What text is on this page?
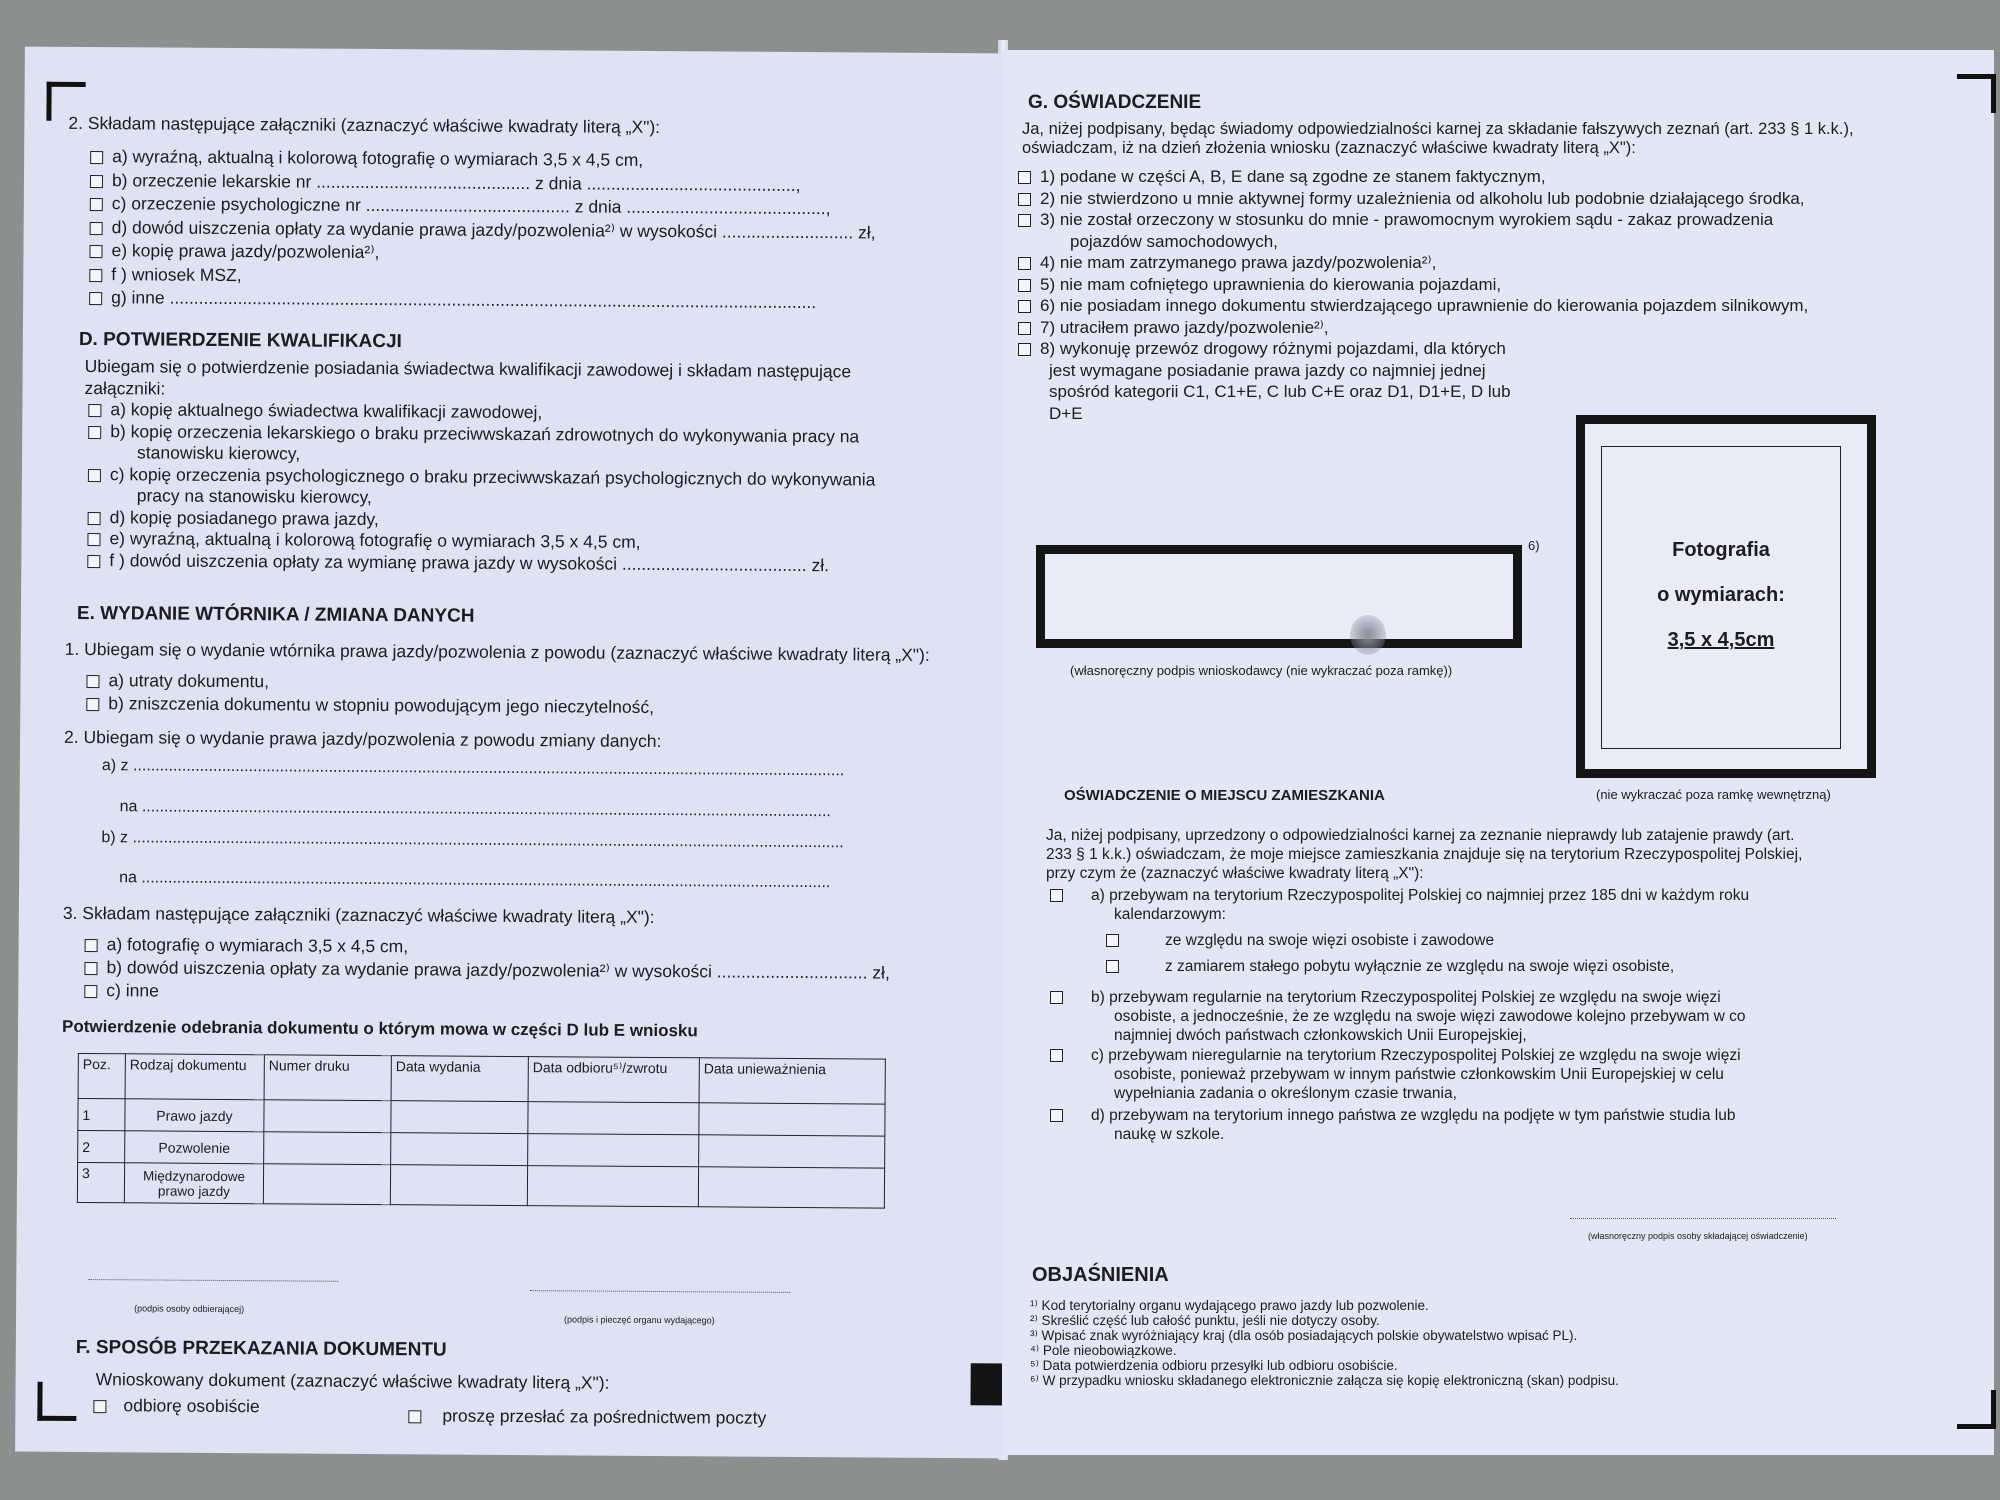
2. Składam następujące załączniki (zaznaczyć właściwe kwadraty literą „X"):
a) wyraźną, aktualną i kolorową fotografię o wymiarach 3,5 x 4,5 cm,
b) orzeczenie lekarskie nr ............................................ z dnia ...........................................,
c) orzeczenie psychologiczne nr .......................................... z dnia .........................................,
d) dowód uiszczenia opłaty za wydanie prawa jazdy/pozwolenia²⁾ w wysokości ........................... zł,
e) kopię prawa jazdy/pozwolenia²⁾,
f ) wniosek MSZ,
g) inne .....................................................................................................................................
D. POTWIERDZENIE KWALIFIKACJI
Ubiegam się o potwierdzenie posiadania świadectwa kwalifikacji zawodowej i składam następujące
załączniki:
a) kopię aktualnego świadectwa kwalifikacji zawodowej,
b) kopię orzeczenia lekarskiego o braku przeciwwskazań zdrowotnych do wykonywania pracy na
stanowisku kierowcy,
c) kopię orzeczenia psychologicznego o braku przeciwwskazań psychologicznych do wykonywania
pracy na stanowisku kierowcy,
d) kopię posiadanego prawa jazdy,
e) wyraźną, aktualną i kolorową fotografię o wymiarach 3,5 x 4,5 cm,
f ) dowód uiszczenia opłaty za wymianę prawa jazdy w wysokości ...................................... zł.
E. WYDANIE WTÓRNIKA / ZMIANA DANYCH
1. Ubiegam się o wydanie wtórnika prawa jazdy/pozwolenia z powodu (zaznaczyć właściwe kwadraty literą „X"):
a) utraty dokumentu,
b) zniszczenia dokumentu w stopniu powodującym jego nieczytelność,
2. Ubiegam się o wydanie prawa jazdy/pozwolenia z powodu zmiany danych:
a) z ................................................................................................................................................................
na ...........................................................................................................................................................
b) z ................................................................................................................................................................
na ...........................................................................................................................................................
3. Składam następujące załączniki (zaznaczyć właściwe kwadraty literą „X"):
a) fotografię o wymiarach 3,5 x 4,5 cm,
b) dowód uiszczenia opłaty za wydanie prawa jazdy/pozwolenia²⁾ w wysokości ............................... zł,
c) inne
Potwierdzenie odebrania dokumentu o którym mowa w części D lub E wniosku
Poz.	Rodzaj dokumentu	Numer druku	Data wydania	Data odbioru⁵⁾/zwrotu	Data unieważnienia
1	Prawo jazdy				
2	Pozwolenie				
3	Międzynarodowe prawo jazdy				
(podpis osoby odbierającej)
(podpis i pieczęć organu wydającego)
F. SPOSÓB PRZEKAZANIA DOKUMENTU
Wnioskowany dokument (zaznaczyć właściwe kwadraty literą „X"):
odbiorę osobiście	proszę przesłać za pośrednictwem poczty
G. OŚWIADCZENIE
Ja, niżej podpisany, będąc świadomy odpowiedzialności karnej za składanie fałszywych zeznań (art. 233 § 1 k.k.),
oświadczam, iż na dzień złożenia wniosku (zaznaczyć właściwe kwadraty literą „X"):
1) podane w części A, B, E dane są zgodne ze stanem faktycznym,
2) nie stwierdzono u mnie aktywnej formy uzależnienia od alkoholu lub podobnie działającego środka,
3) nie został orzeczony w stosunku do mnie - prawomocnym wyrokiem sądu - zakaz prowadzenia
pojazdów samochodowych,
4) nie mam zatrzymanego prawa jazdy/pozwolenia²⁾,
5) nie mam cofniętego uprawnienia do kierowania pojazdami,
6) nie posiadam innego dokumentu stwierdzającego uprawnienie do kierowania pojazdem silnikowym,
7) utraciłem prawo jazdy/pozwolenie²⁾,
8) wykonuję przewóz drogowy różnymi pojazdami, dla których
jest wymagane posiadanie prawa jazdy co najmniej jednej
spośród kategorii C1, C1+E, C lub C+E oraz D1, D1+E, D lub
D+E
6)
(własnoręczny podpis wnioskodawcy (nie wykraczać poza ramkę))
Fotografia
o wymiarach:
3,5 x 4,5cm
(nie wykraczać poza ramkę wewnętrzną)
OŚWIADCZENIE O MIEJSCU ZAMIESZKANIA
Ja, niżej podpisany, uprzedzony o odpowiedzialności karnej za zeznanie nieprawdy lub zatajenie prawdy (art.
233 § 1 k.k.) oświadczam, że moje miejsce zamieszkania znajduje się na terytorium Rzeczypospolitej Polskiej,
przy czym że (zaznaczyć właściwe kwadraty literą „X"):
a) przebywam na terytorium Rzeczypospolitej Polskiej co najmniej przez 185 dni w każdym roku
kalendarzowym:
ze względu na swoje więzi osobiste i zawodowe
z zamiarem stałego pobytu wyłącznie ze względu na swoje więzi osobiste,
b) przebywam regularnie na terytorium Rzeczypospolitej Polskiej ze względu na swoje więzi
osobiste, a jednocześnie, że ze względu na swoje więzi zawodowe kolejno przebywam w co
najmniej dwóch państwach członkowskich Unii Europejskiej,
c) przebywam nieregularnie na terytorium Rzeczypospolitej Polskiej ze względu na swoje więzi
osobiste, ponieważ przebywam w innym państwie członkowskim Unii Europejskiej w celu
wypełniania zadania o określonym czasie trwania,
d) przebywam na terytorium innego państwa ze względu na podjęte w tym państwie studia lub
naukę w szkole.
(własnoręczny podpis osoby składającej oświadczenie)
OBJAŚNIENIA
¹⁾ Kod terytorialny organu wydającego prawo jazdy lub pozwolenie.
²⁾ Skreślić część lub całość punktu, jeśli nie dotyczy osoby.
³⁾ Wpisać znak wyróżniający kraj (dla osób posiadających polskie obywatelstwo wpisać PL).
⁴⁾ Pole nieobowiązkowe.
⁵⁾ Data potwierdzenia odbioru przesyłki lub odbioru osobiście.
⁶⁾ W przypadku wniosku składanego elektronicznie załącza się kopię elektroniczną (skan) podpisu.
